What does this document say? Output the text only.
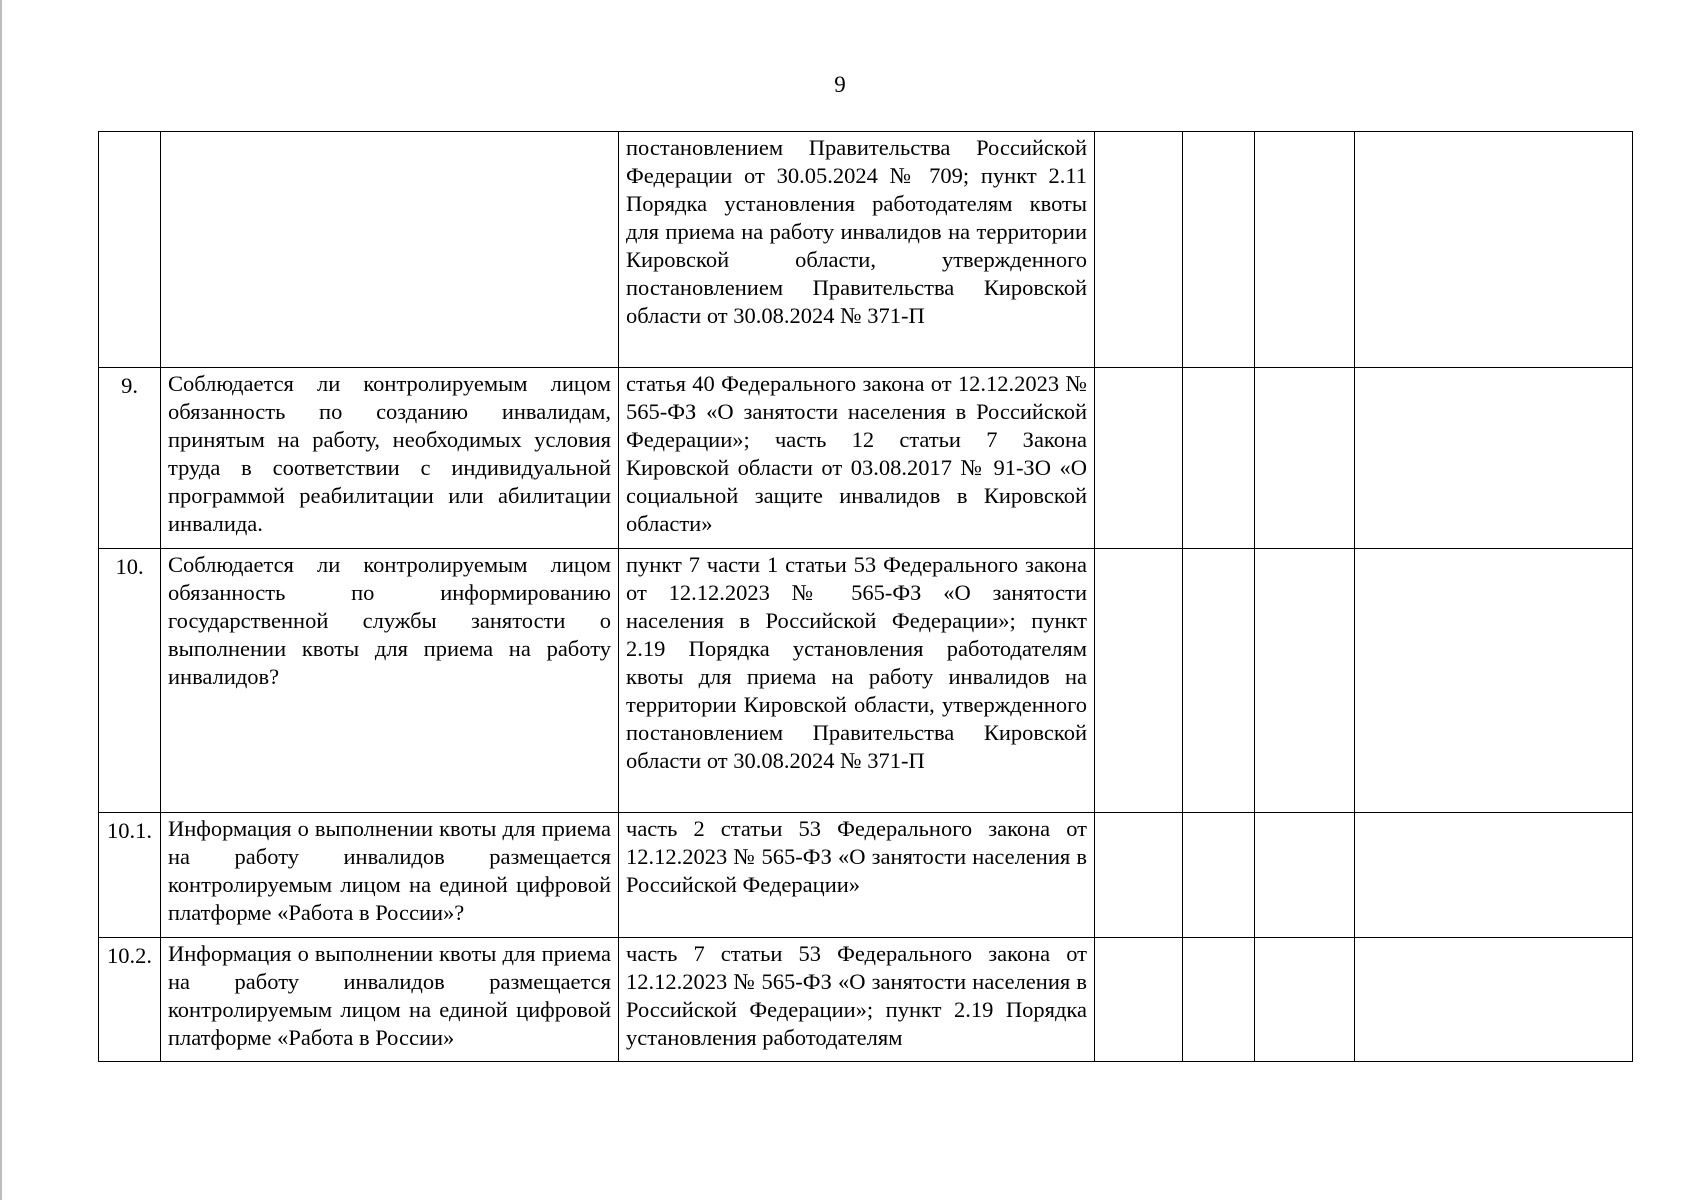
9

		постановлением Правительства Российской Федерации от 30.05.2024 № 709; пункт 2.11 Порядка установления работодателям квоты для приема на работу инвалидов на территории Кировской области, утвержденного постановлением Правительства Кировской области от 30.08.2024 № 371-П				

9.	Соблюдается ли контролируемым лицом обязанность по созданию инвалидам, принятым на работу, необходимых условия труда в соответствии с индивидуальной программой реабилитации или абилитации инвалида.	статья 40 Федерального закона от 12.12.2023 № 565-ФЗ «О занятости населения в Российской Федерации»; часть 12 статьи 7 Закона Кировской области от 03.08.2017 № 91-ЗО «О социальной защите инвалидов в Кировской области»				

10.	Соблюдается ли контролируемым лицом обязанность по информированию государственной службы занятости о выполнении квоты для приема на работу инвалидов?	пункт 7 части 1 статьи 53 Федерального закона от 12.12.2023 № 565-ФЗ «О занятости населения в Российской Федерации»; пункт 2.19 Порядка установления работодателям квоты для приема на работу инвалидов на территории Кировской области, утвержденного постановлением Правительства Кировской области от 30.08.2024 № 371-П				

10.1.	Информация о выполнении квоты для приема на работу инвалидов размещается контролируемым лицом на единой цифровой платформе «Работа в России»?	часть 2 статьи 53 Федерального закона от 12.12.2023 № 565-ФЗ «О занятости населения в Российской Федерации»				

10.2.	Информация о выполнении квоты для приема на работу инвалидов размещается контролируемым лицом на единой цифровой платформе «Работа в России»	часть 7 статьи 53 Федерального закона от 12.12.2023 № 565-ФЗ «О занятости населения в Российской Федерации»; пункт 2.19 Порядка установления работодателям				
